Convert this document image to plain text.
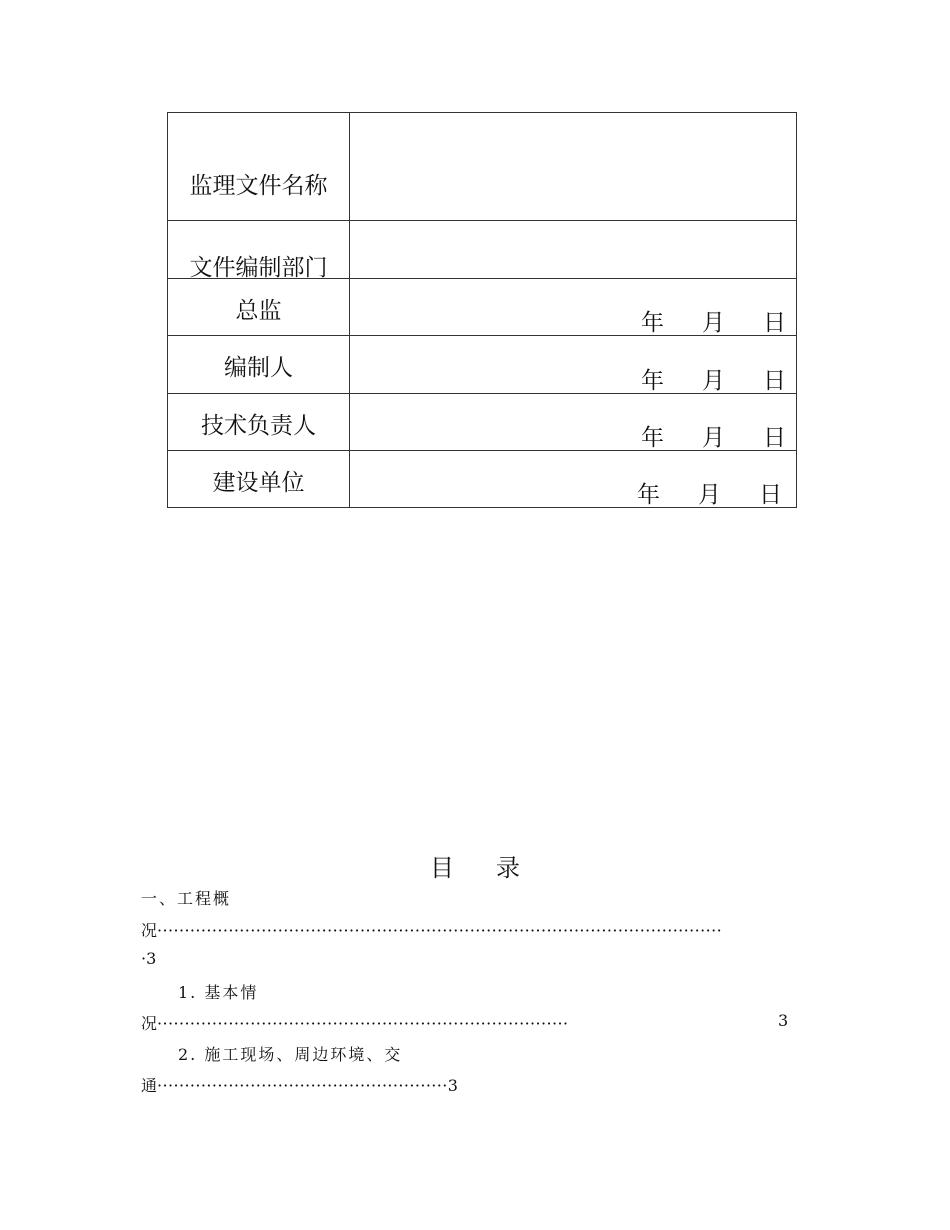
监理文件名称	

文件编制部门	

总监	年 月 日

编制人	年 月 日

技术负责人	年 月 日

建设单位	年 月 日
目 录
一、工程概
况·······································································································
·3
1. 基本情
况···········································································	3
2. 施工现场、周边环境、交
通·····················································3
